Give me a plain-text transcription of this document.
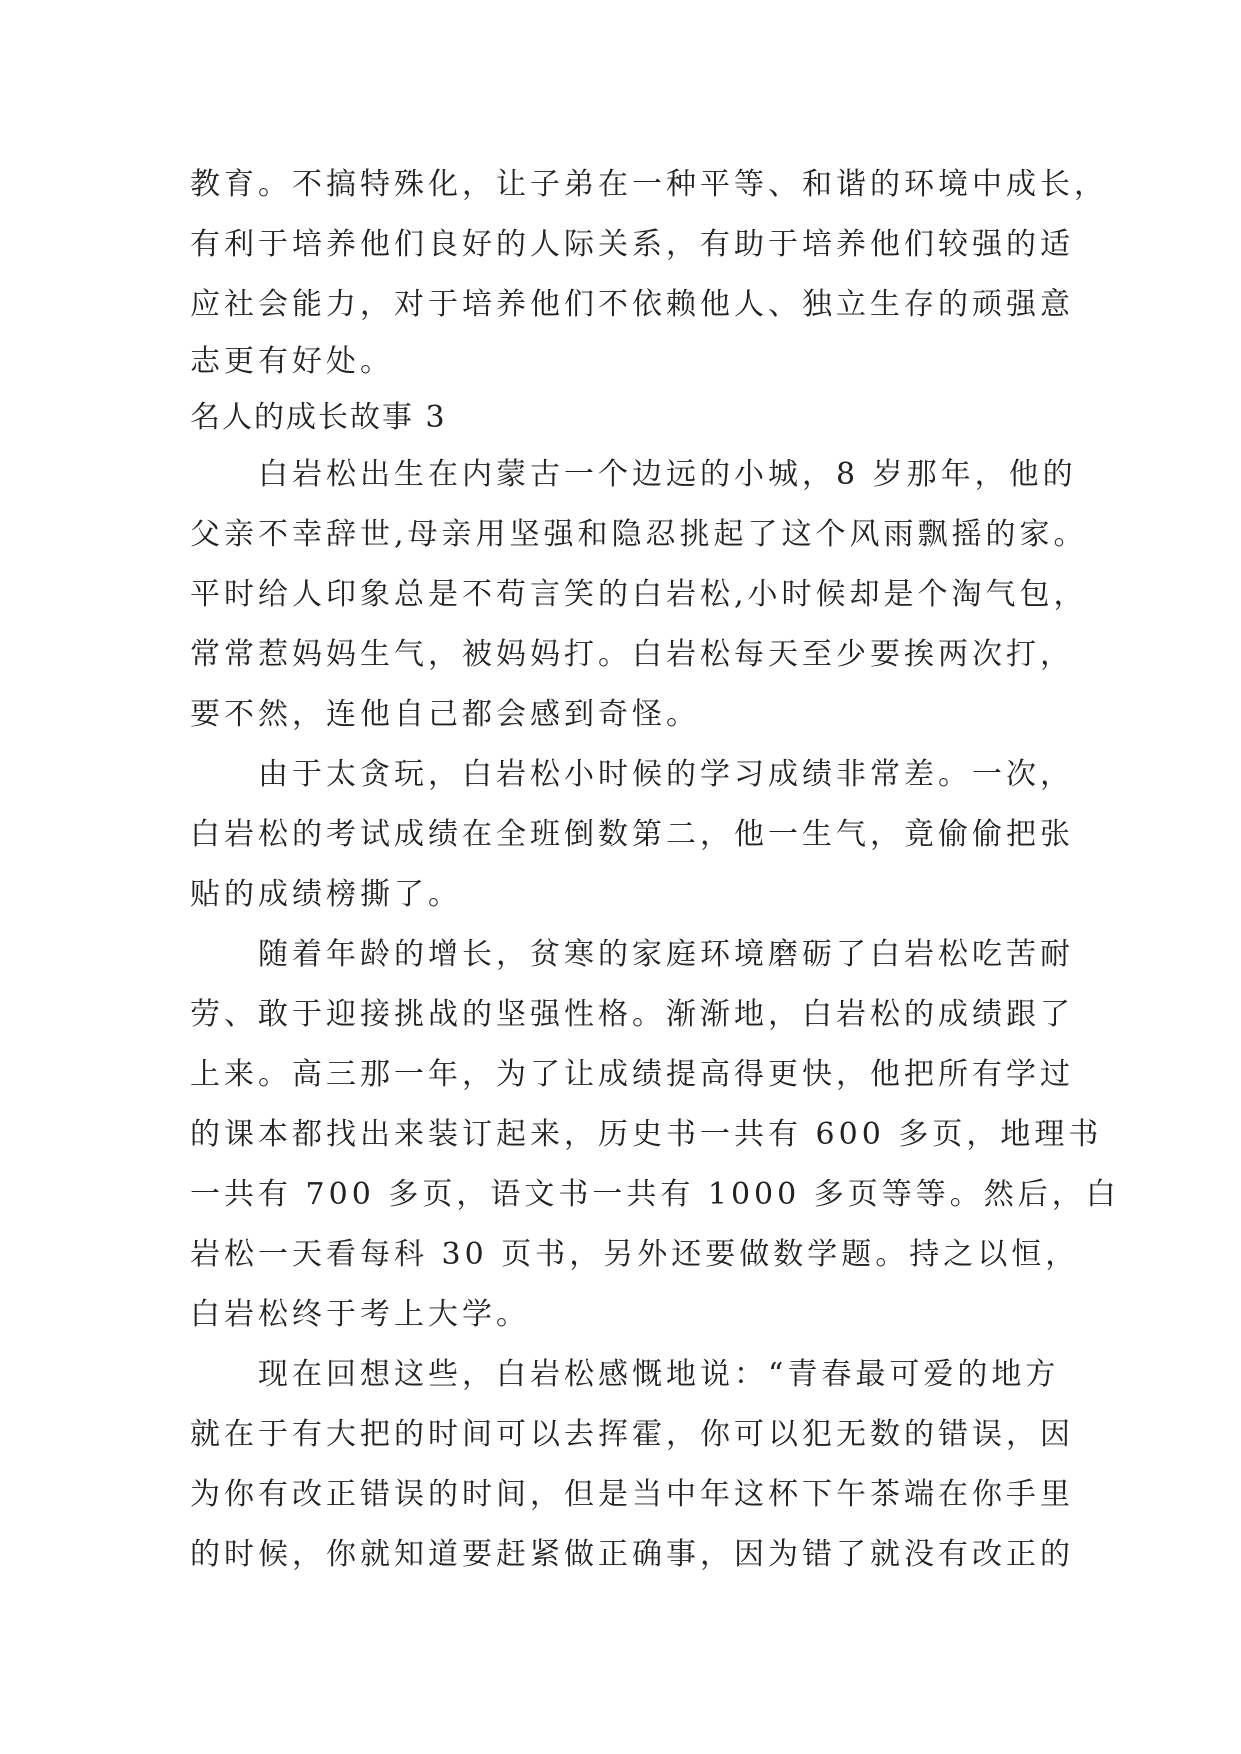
教育。不搞特殊化，让子弟在一种平等、和谐的环境中成长，
有利于培养他们良好的人际关系，有助于培养他们较强的适
应社会能力，对于培养他们不依赖他人、独立生存的顽强意
志更有好处。
名人的成长故事 3
白岩松出生在内蒙古一个边远的小城，8 岁那年，他的
父亲不幸辞世,母亲用坚强和隐忍挑起了这个风雨飘摇的家。
平时给人印象总是不苟言笑的白岩松,小时候却是个淘气包，
常常惹妈妈生气，被妈妈打。白岩松每天至少要挨两次打，
要不然，连他自己都会感到奇怪。
由于太贪玩，白岩松小时候的学习成绩非常差。一次，
白岩松的考试成绩在全班倒数第二，他一生气，竟偷偷把张
贴的成绩榜撕了。
随着年龄的增长，贫寒的家庭环境磨砺了白岩松吃苦耐
劳、敢于迎接挑战的坚强性格。渐渐地，白岩松的成绩跟了
上来。高三那一年，为了让成绩提高得更快，他把所有学过
的课本都找出来装订起来，历史书一共有 600 多页，地理书
一共有 700 多页，语文书一共有 1000 多页等等。然后，白
岩松一天看每科 30 页书，另外还要做数学题。持之以恒，
白岩松终于考上大学。
现在回想这些，白岩松感慨地说：“青春最可爱的地方
就在于有大把的时间可以去挥霍，你可以犯无数的错误，因
为你有改正错误的时间，但是当中年这杯下午茶端在你手里
的时候，你就知道要赶紧做正确事，因为错了就没有改正的
